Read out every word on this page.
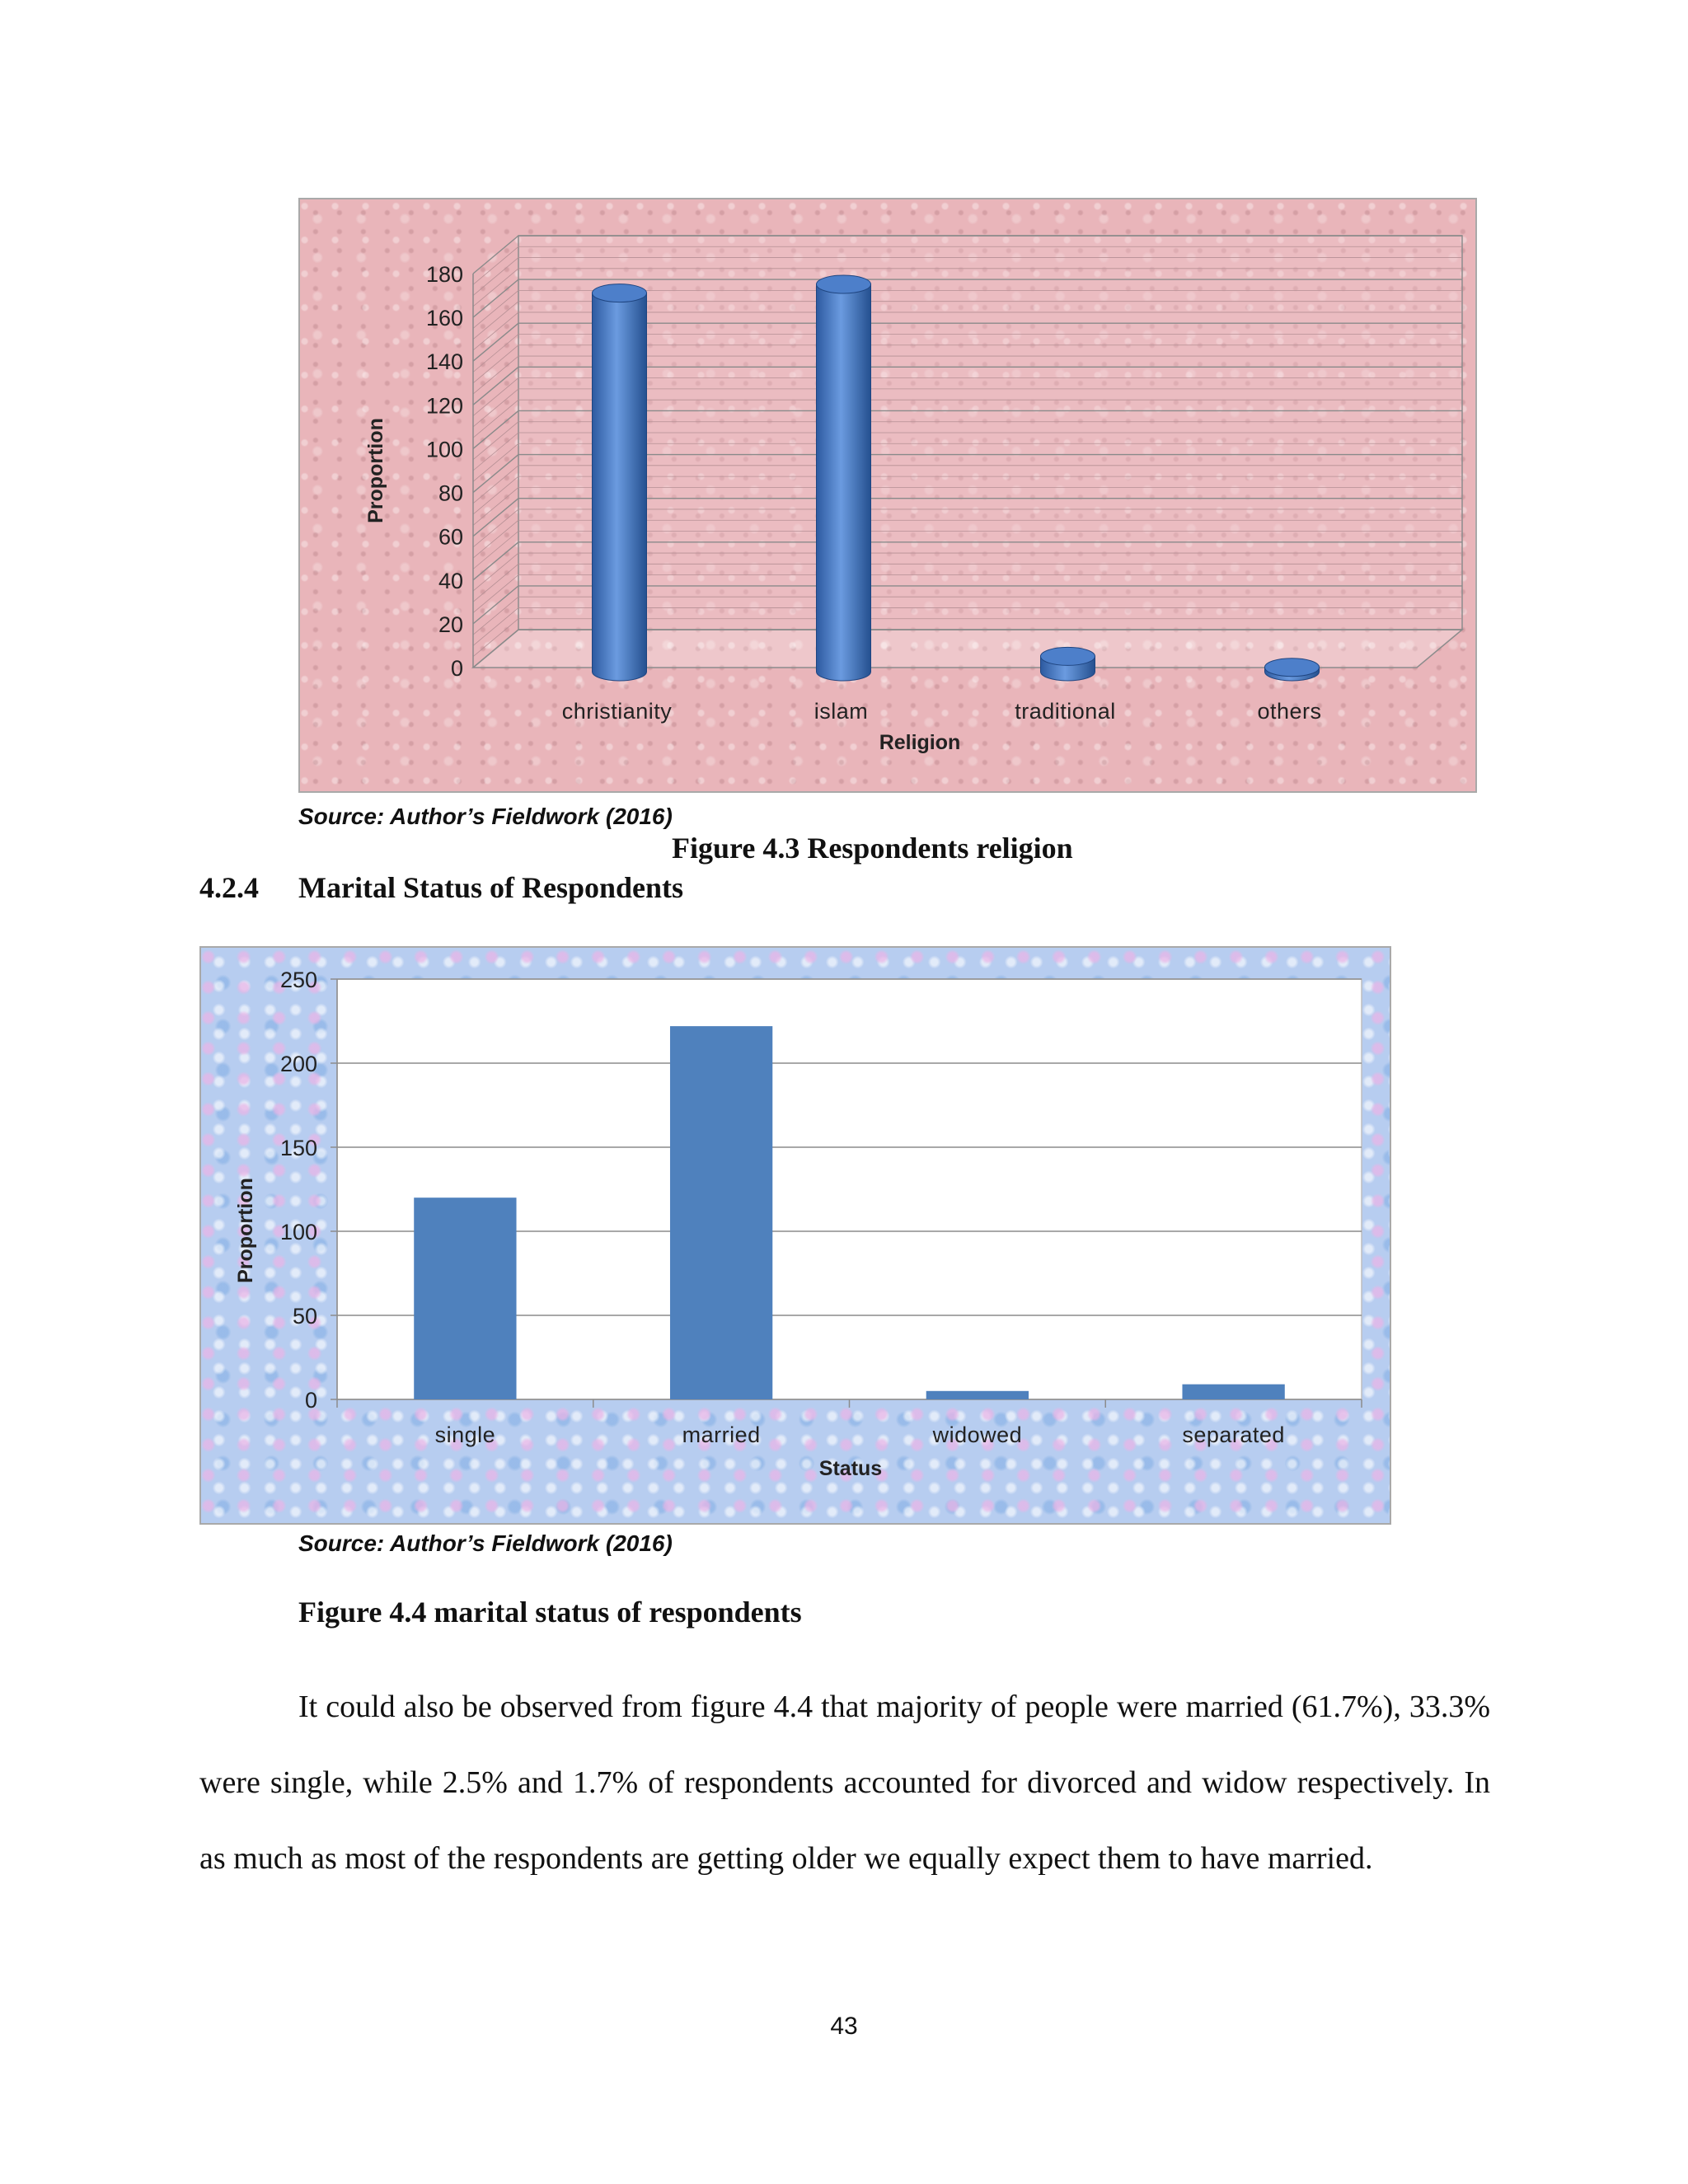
0
20
40
60
80
100
120
140
160
180
Proportion
christianity	islam	traditional	others
Religion
Source: Author’s Fieldwork (2016)
Figure 4.3 Respondents religion
4.2.4 Marital Status of Respondents
0
50
100
150
200
250
single	married	widowed	separated
Proportion
Status
Source: Author’s Fieldwork (2016)
Figure 4.4 marital status of respondents

It could also be observed from figure 4.4 that majority of people were married (61.7%), 33.3% were single, while 2.5% and 1.7% of respondents accounted for divorced and widow respectively. In as much as most of the respondents are getting older we equally expect them to have married.

43
